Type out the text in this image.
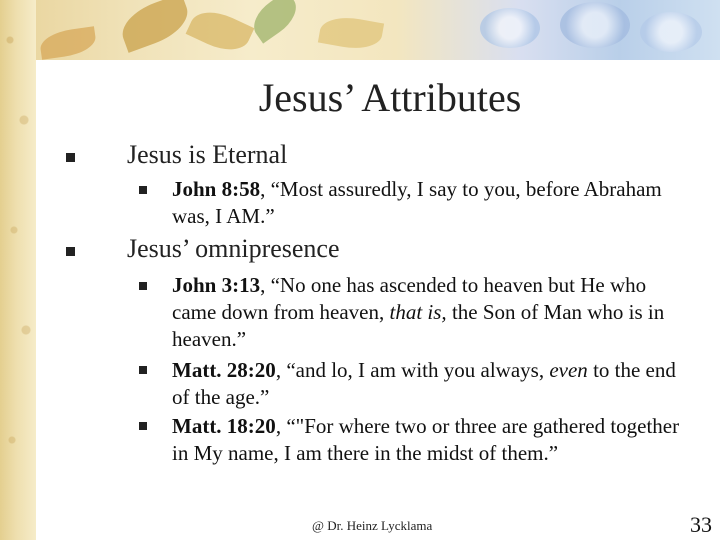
Jesus’ Attributes
Jesus is Eternal
John 8:58, “Most assuredly, I say to you, before Abraham was, I AM.”
Jesus’ omnipresence
John 3:13, “No one has ascended to heaven but He who came down from heaven, that is, the Son of Man who is in heaven.”
Matt. 28:20, “and lo, I am with you always, even to the end of the age.”
Matt. 18:20, “"For where two or three are gathered together in My name, I am there in the midst of them.”
@ Dr. Heinz Lycklama	33
